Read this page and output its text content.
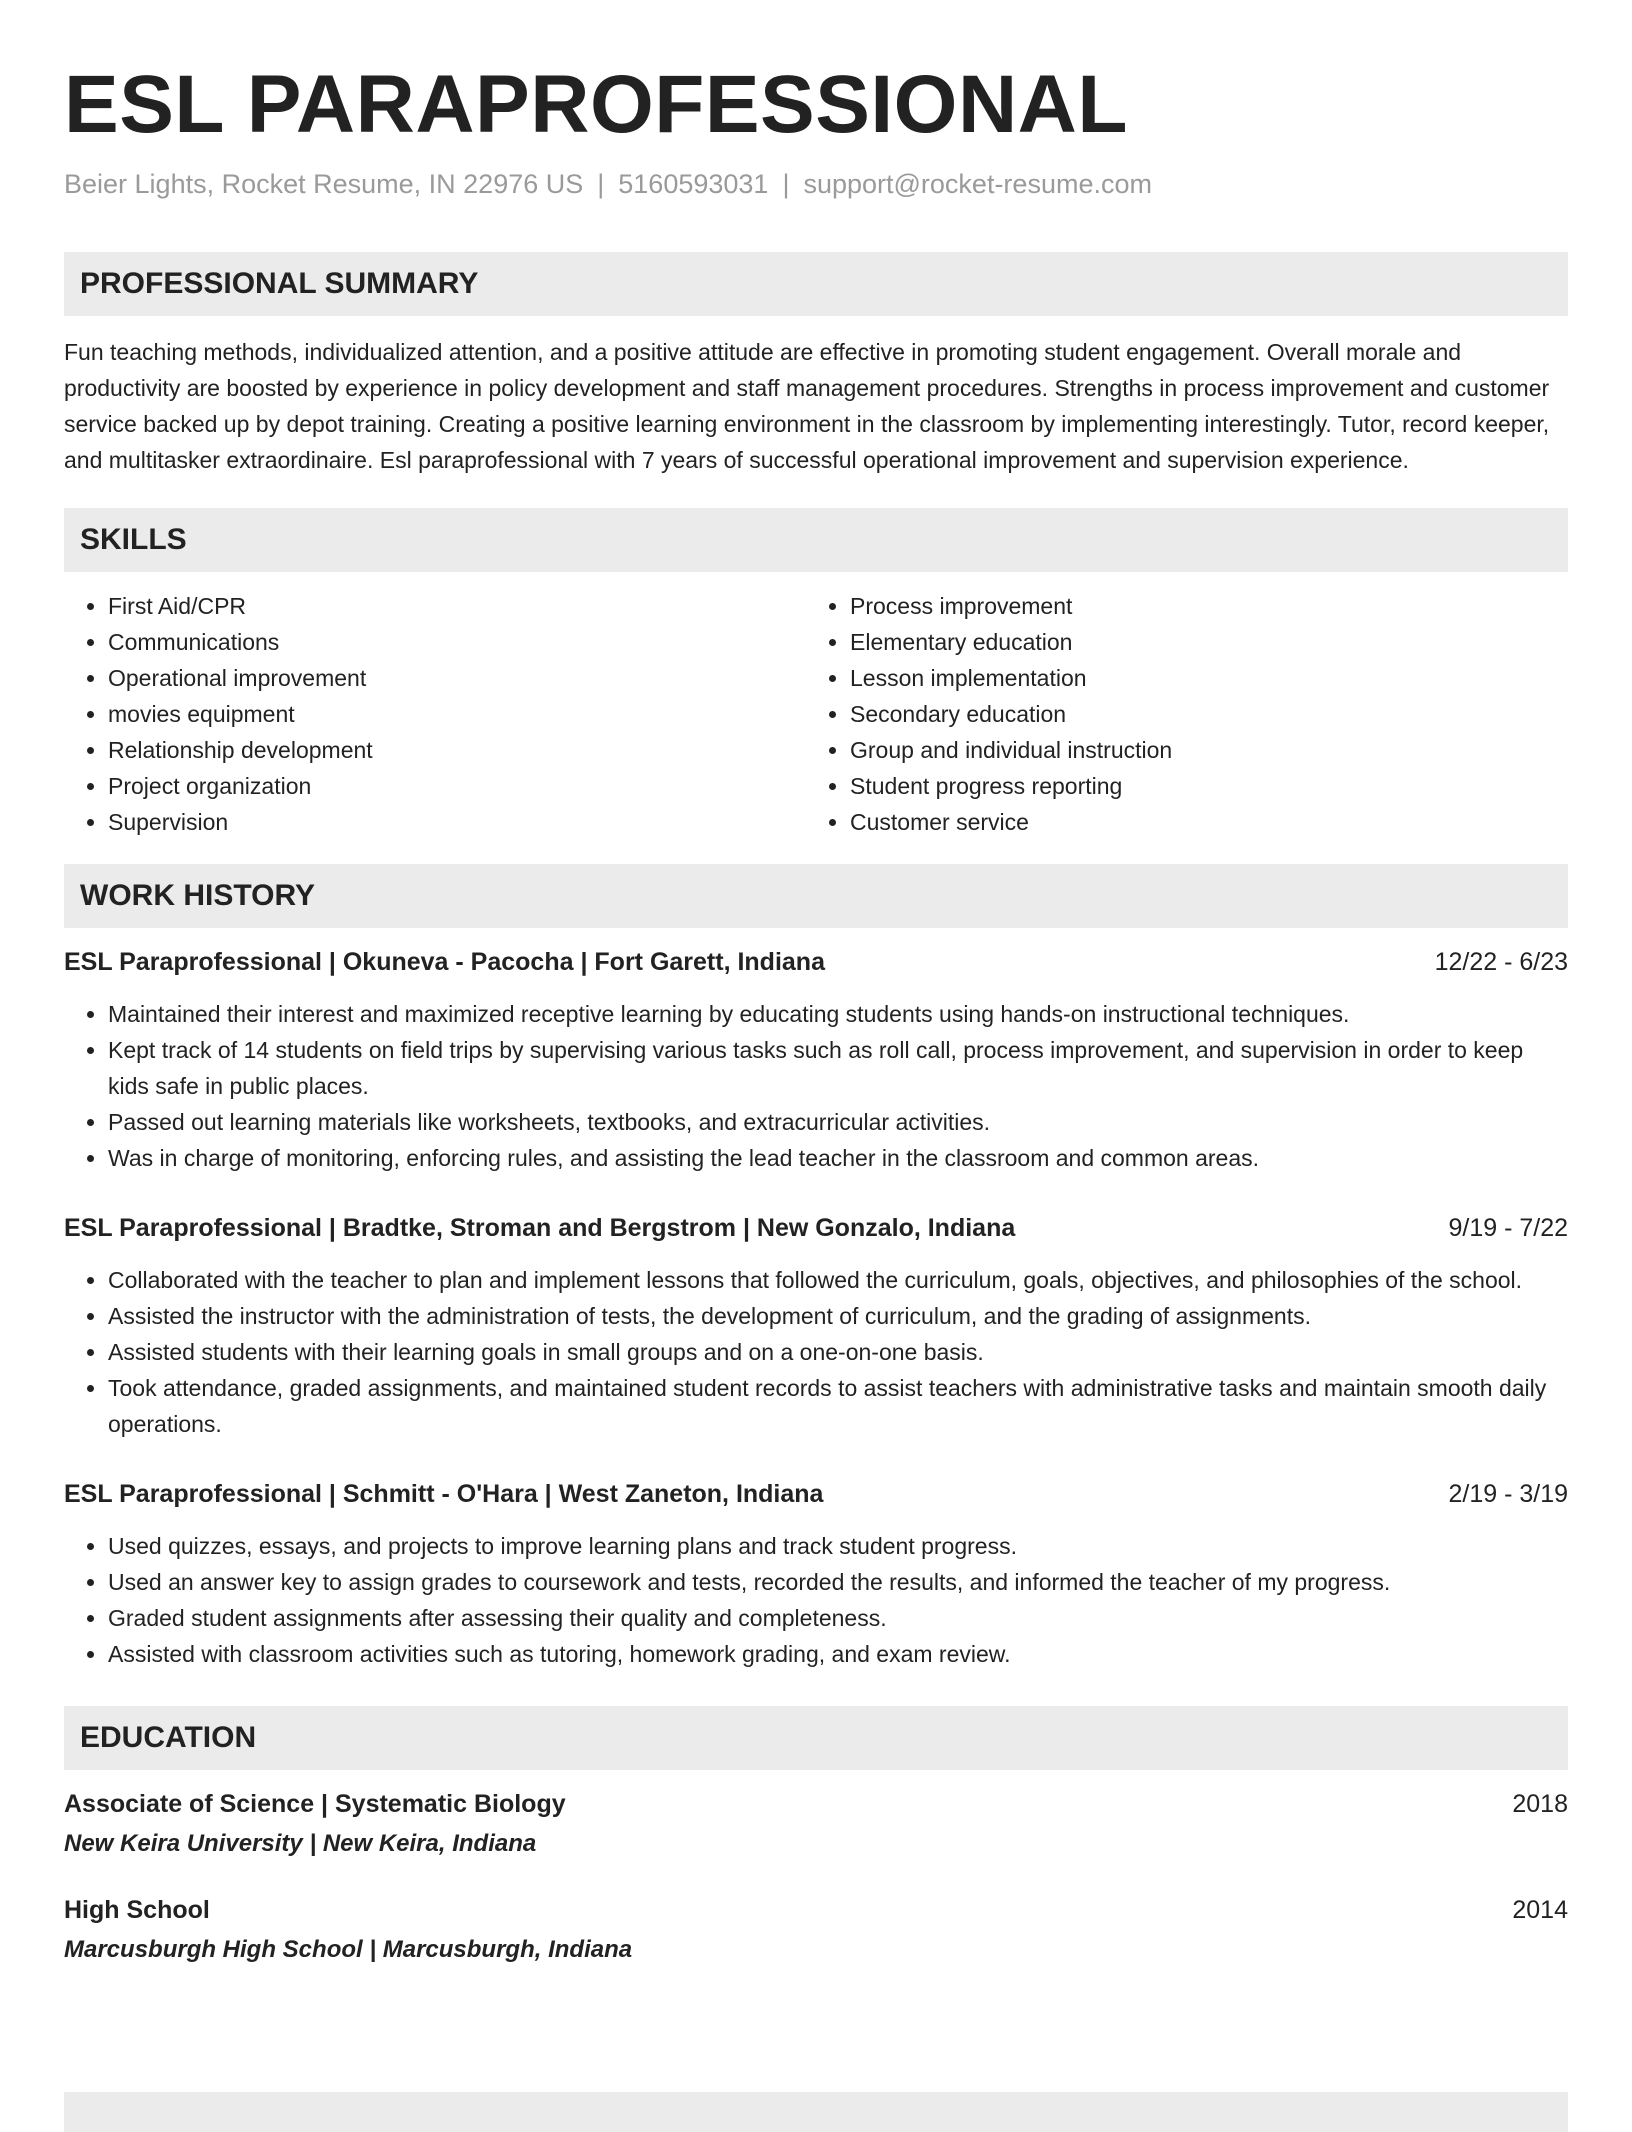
ESL PARAPROFESSIONAL
Beier Lights, Rocket Resume, IN 22976 US | 5160593031 | support@rocket-resume.com
PROFESSIONAL SUMMARY

Fun teaching methods, individualized attention, and a positive attitude are effective in promoting student engagement. Overall morale and productivity are boosted by experience in policy development and staff management procedures. Strengths in process improvement and customer service backed up by depot training. Creating a positive learning environment in the classroom by implementing interestingly. Tutor, record keeper, and multitasker extraordinaire. Esl paraprofessional with 7 years of successful operational improvement and supervision experience.

SKILLS
• First Aid/CPR
• Communications
• Operational improvement
• movies equipment
• Relationship development
• Project organization
• Supervision
• Process improvement
• Elementary education
• Lesson implementation
• Secondary education
• Group and individual instruction
• Student progress reporting
• Customer service
WORK HISTORY
ESL Paraprofessional | Okuneva - Pacocha | Fort Garett, Indiana	12/22 - 6/23
• Maintained their interest and maximized receptive learning by educating students using hands-on instructional techniques.
• Kept track of 14 students on field trips by supervising various tasks such as roll call, process improvement, and supervision in order to keep kids safe in public places.
• Passed out learning materials like worksheets, textbooks, and extracurricular activities.
• Was in charge of monitoring, enforcing rules, and assisting the lead teacher in the classroom and common areas.
ESL Paraprofessional | Bradtke, Stroman and Bergstrom | New Gonzalo, Indiana	9/19 - 7/22
• Collaborated with the teacher to plan and implement lessons that followed the curriculum, goals, objectives, and philosophies of the school.
• Assisted the instructor with the administration of tests, the development of curriculum, and the grading of assignments.
• Assisted students with their learning goals in small groups and on a one-on-one basis.
• Took attendance, graded assignments, and maintained student records to assist teachers with administrative tasks and maintain smooth daily operations.
ESL Paraprofessional | Schmitt - O'Hara | West Zaneton, Indiana	2/19 - 3/19
• Used quizzes, essays, and projects to improve learning plans and track student progress.
• Used an answer key to assign grades to coursework and tests, recorded the results, and informed the teacher of my progress.
• Graded student assignments after assessing their quality and completeness.
• Assisted with classroom activities such as tutoring, homework grading, and exam review.
EDUCATION
Associate of Science | Systematic Biology	2018
New Keira University | New Keira, Indiana
High School	2014
Marcusburgh High School | Marcusburgh, Indiana
